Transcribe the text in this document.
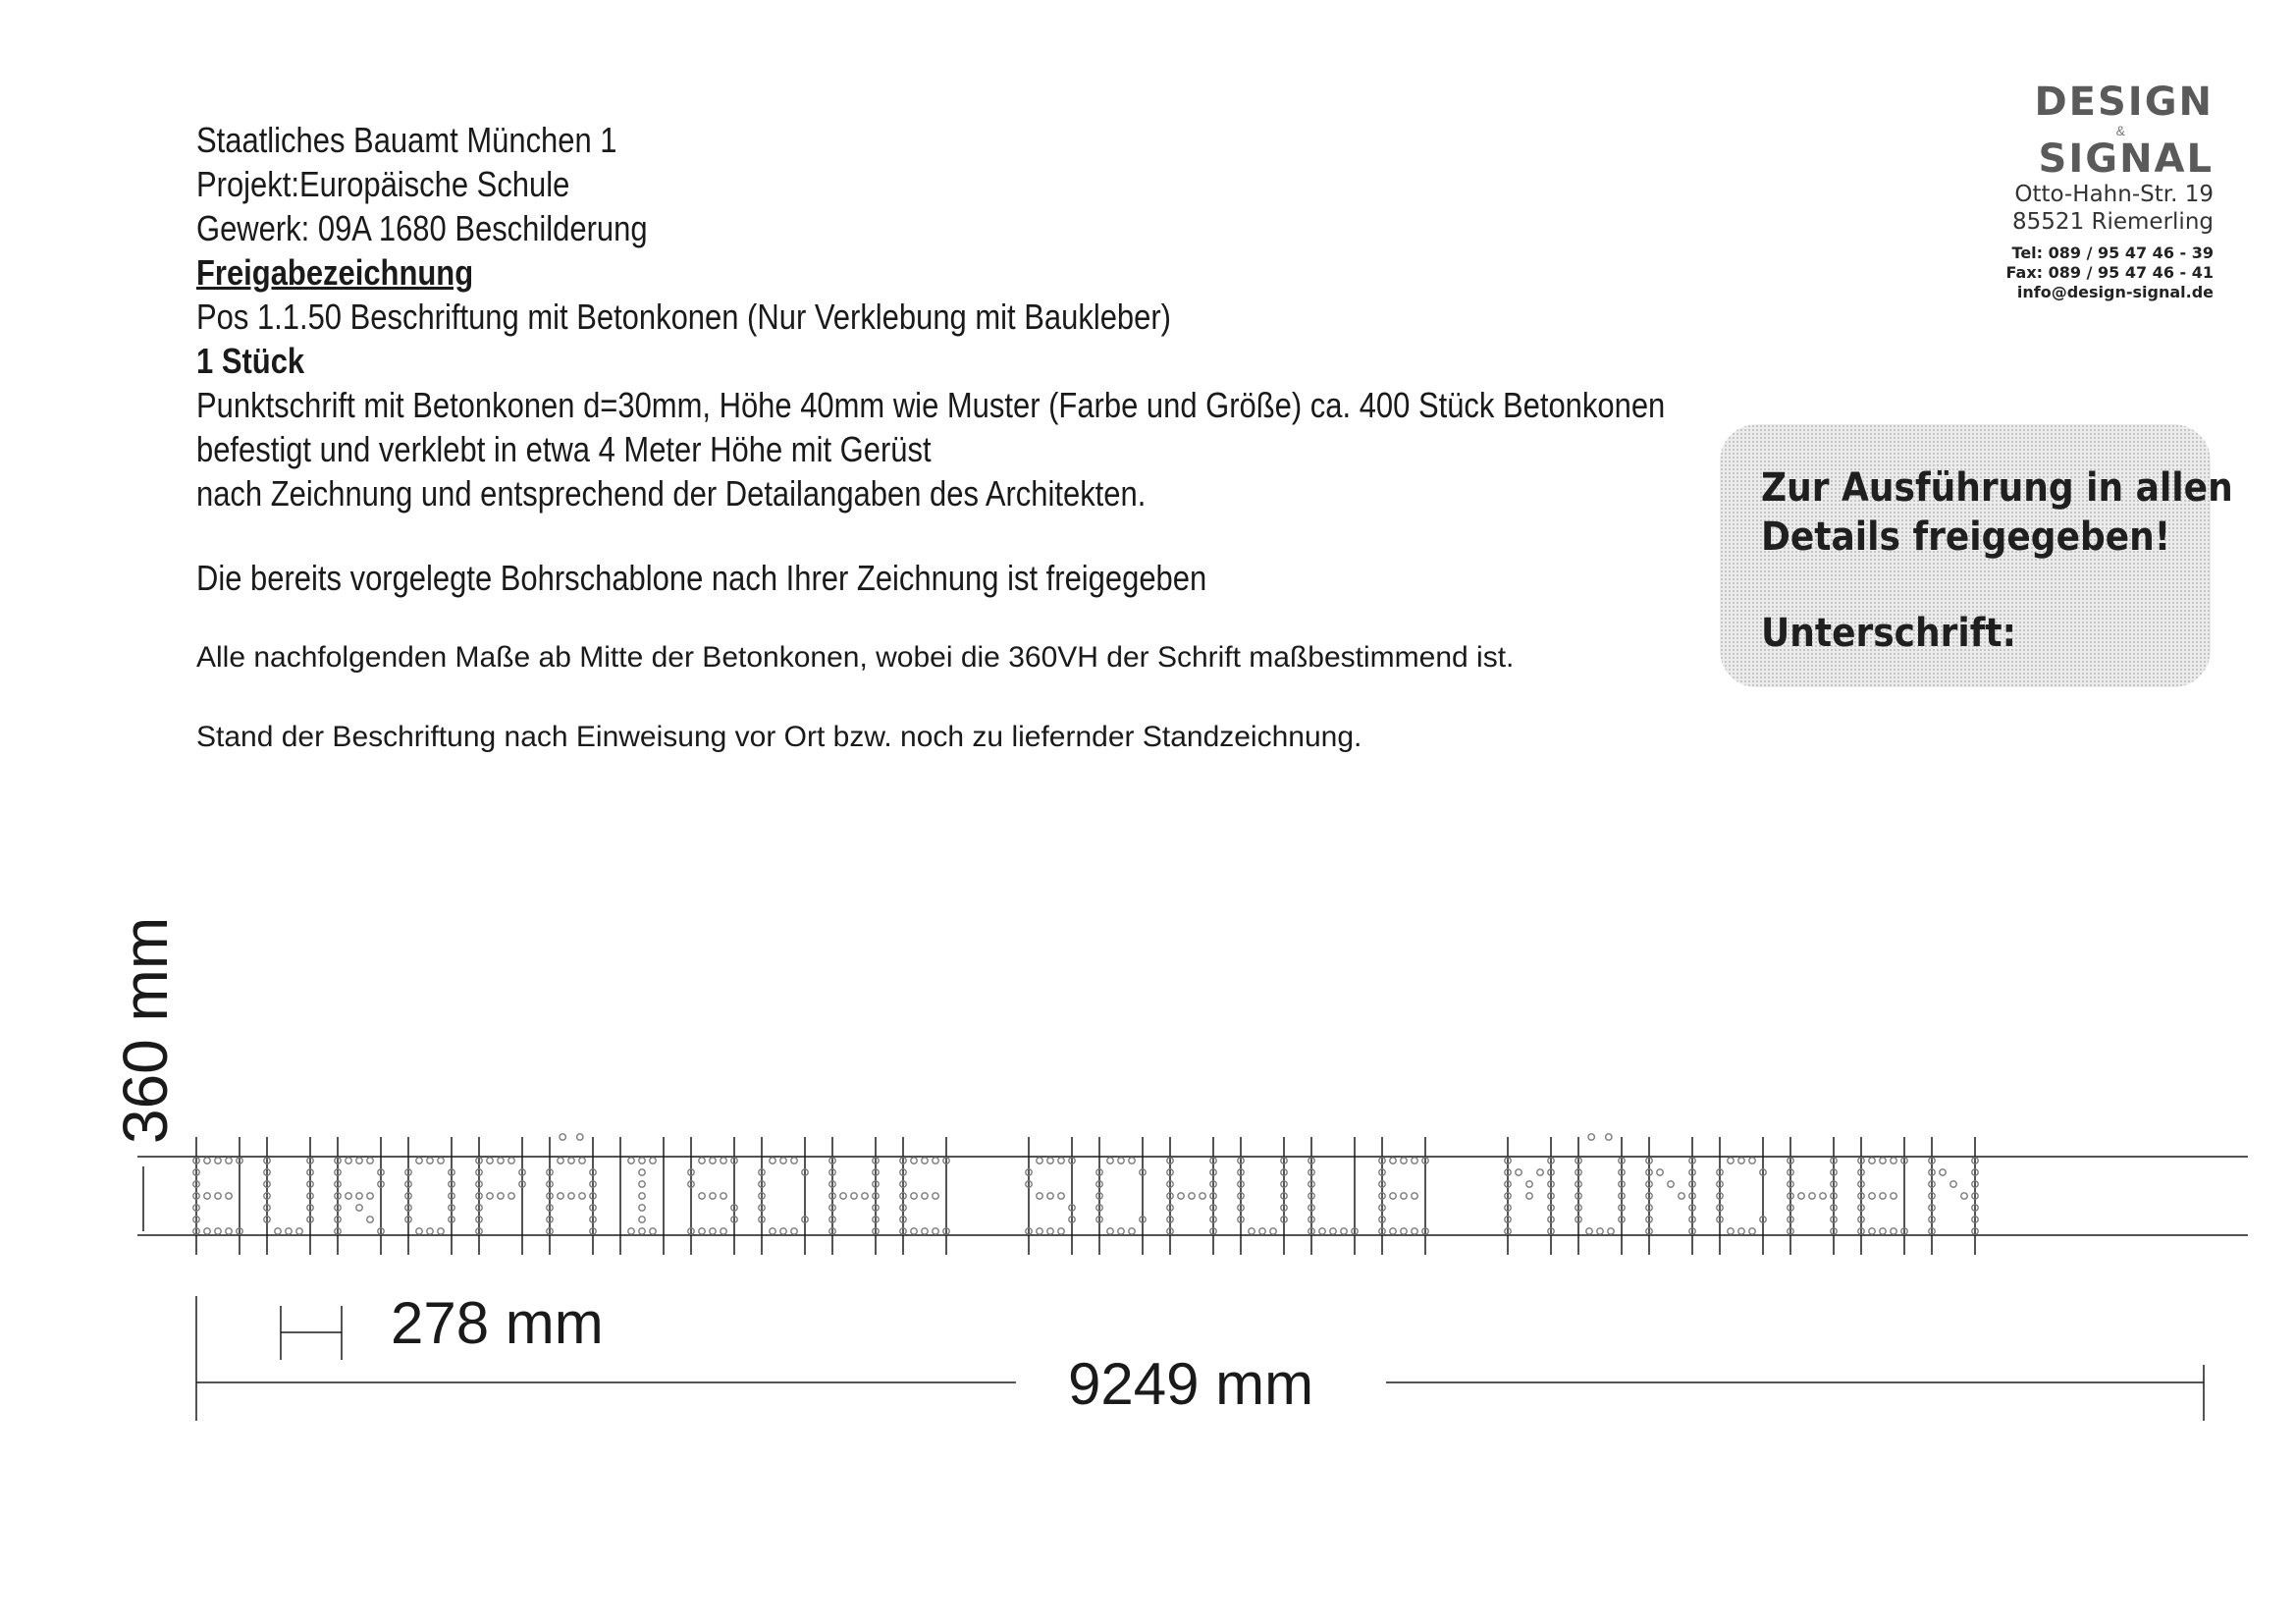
Staatliches Bauamt München 1
Projekt:Europäische Schule
Gewerk: 09A 1680 Beschilderung
Freigabezeichnung
Pos 1.1.50 Beschriftung mit Betonkonen (Nur Verklebung mit Baukleber)
1 Stück
Punktschrift mit Betonkonen d=30mm, Höhe 40mm wie Muster (Farbe und Größe) ca. 400 Stück Betonkonen
befestigt und verklebt in etwa 4 Meter Höhe mit Gerüst
nach Zeichnung und entsprechend der Detailangaben des Architekten.
Die bereits vorgelegte Bohrschablone nach Ihrer Zeichnung ist freigegeben
Alle nachfolgenden Maße ab Mitte der Betonkonen, wobei die 360VH der Schrift maßbestimmend ist.
Stand der Beschriftung nach Einweisung vor Ort bzw. noch zu liefernder Standzeichnung.
DESIGN
&
SIGNAL
Otto-Hahn-Str. 19
85521 Riemerling
Tel: 089 / 95 47 46 - 39
Fax: 089 / 95 47 46 - 41
info@design-signal.de
Zur Ausführung in allen
Details freigegeben!
Unterschrift:
360 mm
278 mm
9249 mm
